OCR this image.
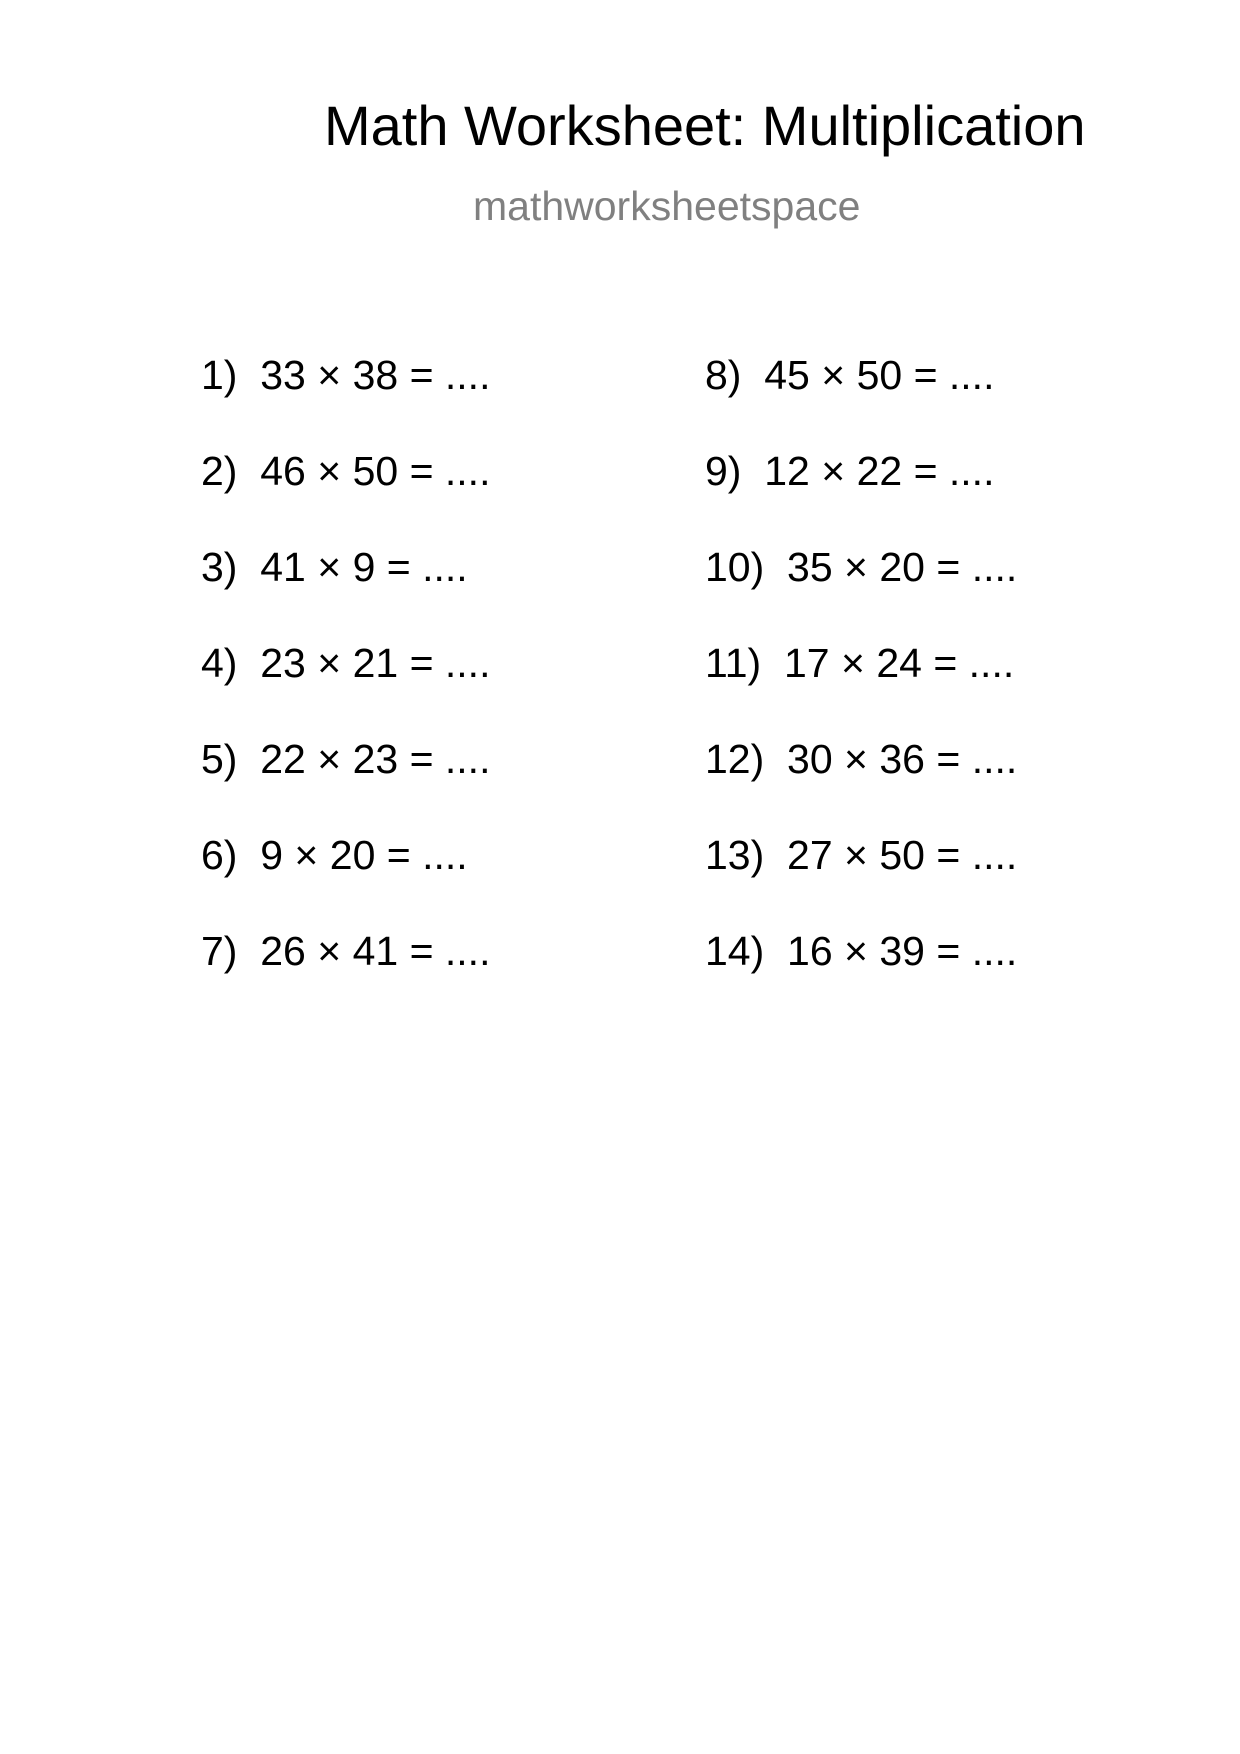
Math Worksheet: Multiplication
mathworksheetspace
1)  33 × 38 = ....
2)  46 × 50 = ....
3)  41 × 9 = ....
4)  23 × 21 = ....
5)  22 × 23 = ....
6)  9 × 20 = ....
7)  26 × 41 = ....
8)  45 × 50 = ....
9)  12 × 22 = ....
10)  35 × 20 = ....
11)  17 × 24 = ....
12)  30 × 36 = ....
13)  27 × 50 = ....
14)  16 × 39 = ....
